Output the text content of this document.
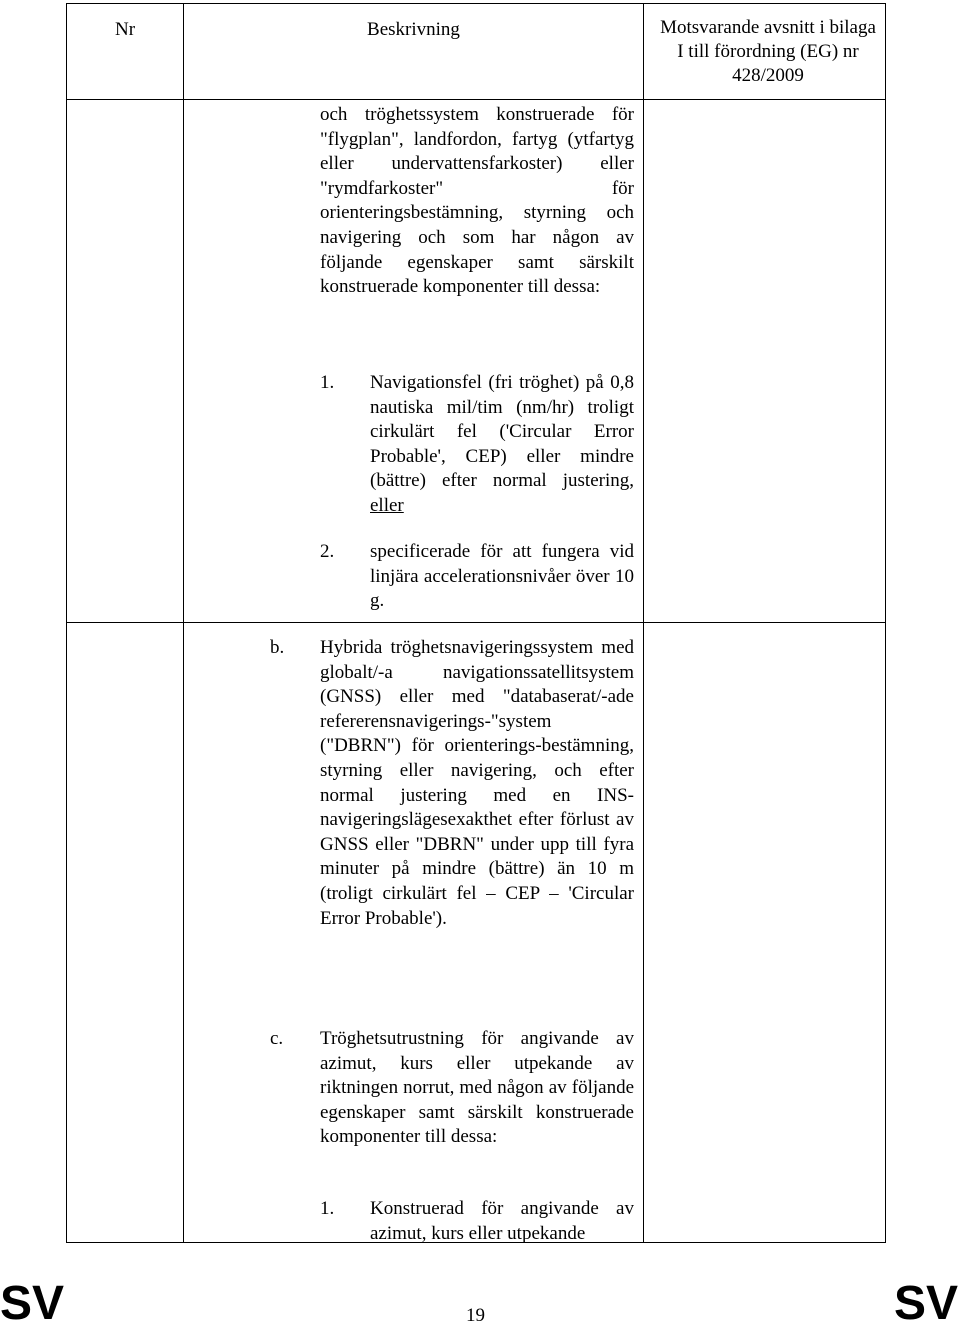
Nr	Beskrivning	Motsvarande avsnitt i bilaga I till förordning (EG) nr 428/2009
och tröghetssystem konstruerade för "flygplan", landfordon, fartyg (ytfartyg eller undervattensfarkoster) eller "rymdfarkoster" för orienteringsbestämning, styrning och navigering och som har någon av följande egenskaper samt särskilt konstruerade komponenter till dessa:
1. Navigationsfel (fri tröghet) på 0,8 nautiska mil/tim (nm/hr) troligt cirkulärt fel ('Circular Error Probable', CEP) eller mindre (bättre) efter normal justering, eller
2. specificerade för att fungera vid linjära accelerationsnivåer över 10 g.
b. Hybrida tröghetsnavigeringssystem med globalt/-a navigationssatellitsystem (GNSS) eller med "databaserat/-ade refererensnavigerings-"system ("DBRN") för orienterings-bestämning, styrning eller navigering, och efter normal justering med en INS-navigeringslägesexakthet efter förlust av GNSS eller "DBRN" under upp till fyra minuter på mindre (bättre) än 10 m (troligt cirkulärt fel – CEP – 'Circular Error Probable').
c. Tröghetsutrustning för angivande av azimut, kurs eller utpekande av riktningen norrut, med någon av följande egenskaper samt särskilt konstruerade komponenter till dessa:
1. Konstruerad för angivande av azimut, kurs eller utpekande
SV	19	SV
